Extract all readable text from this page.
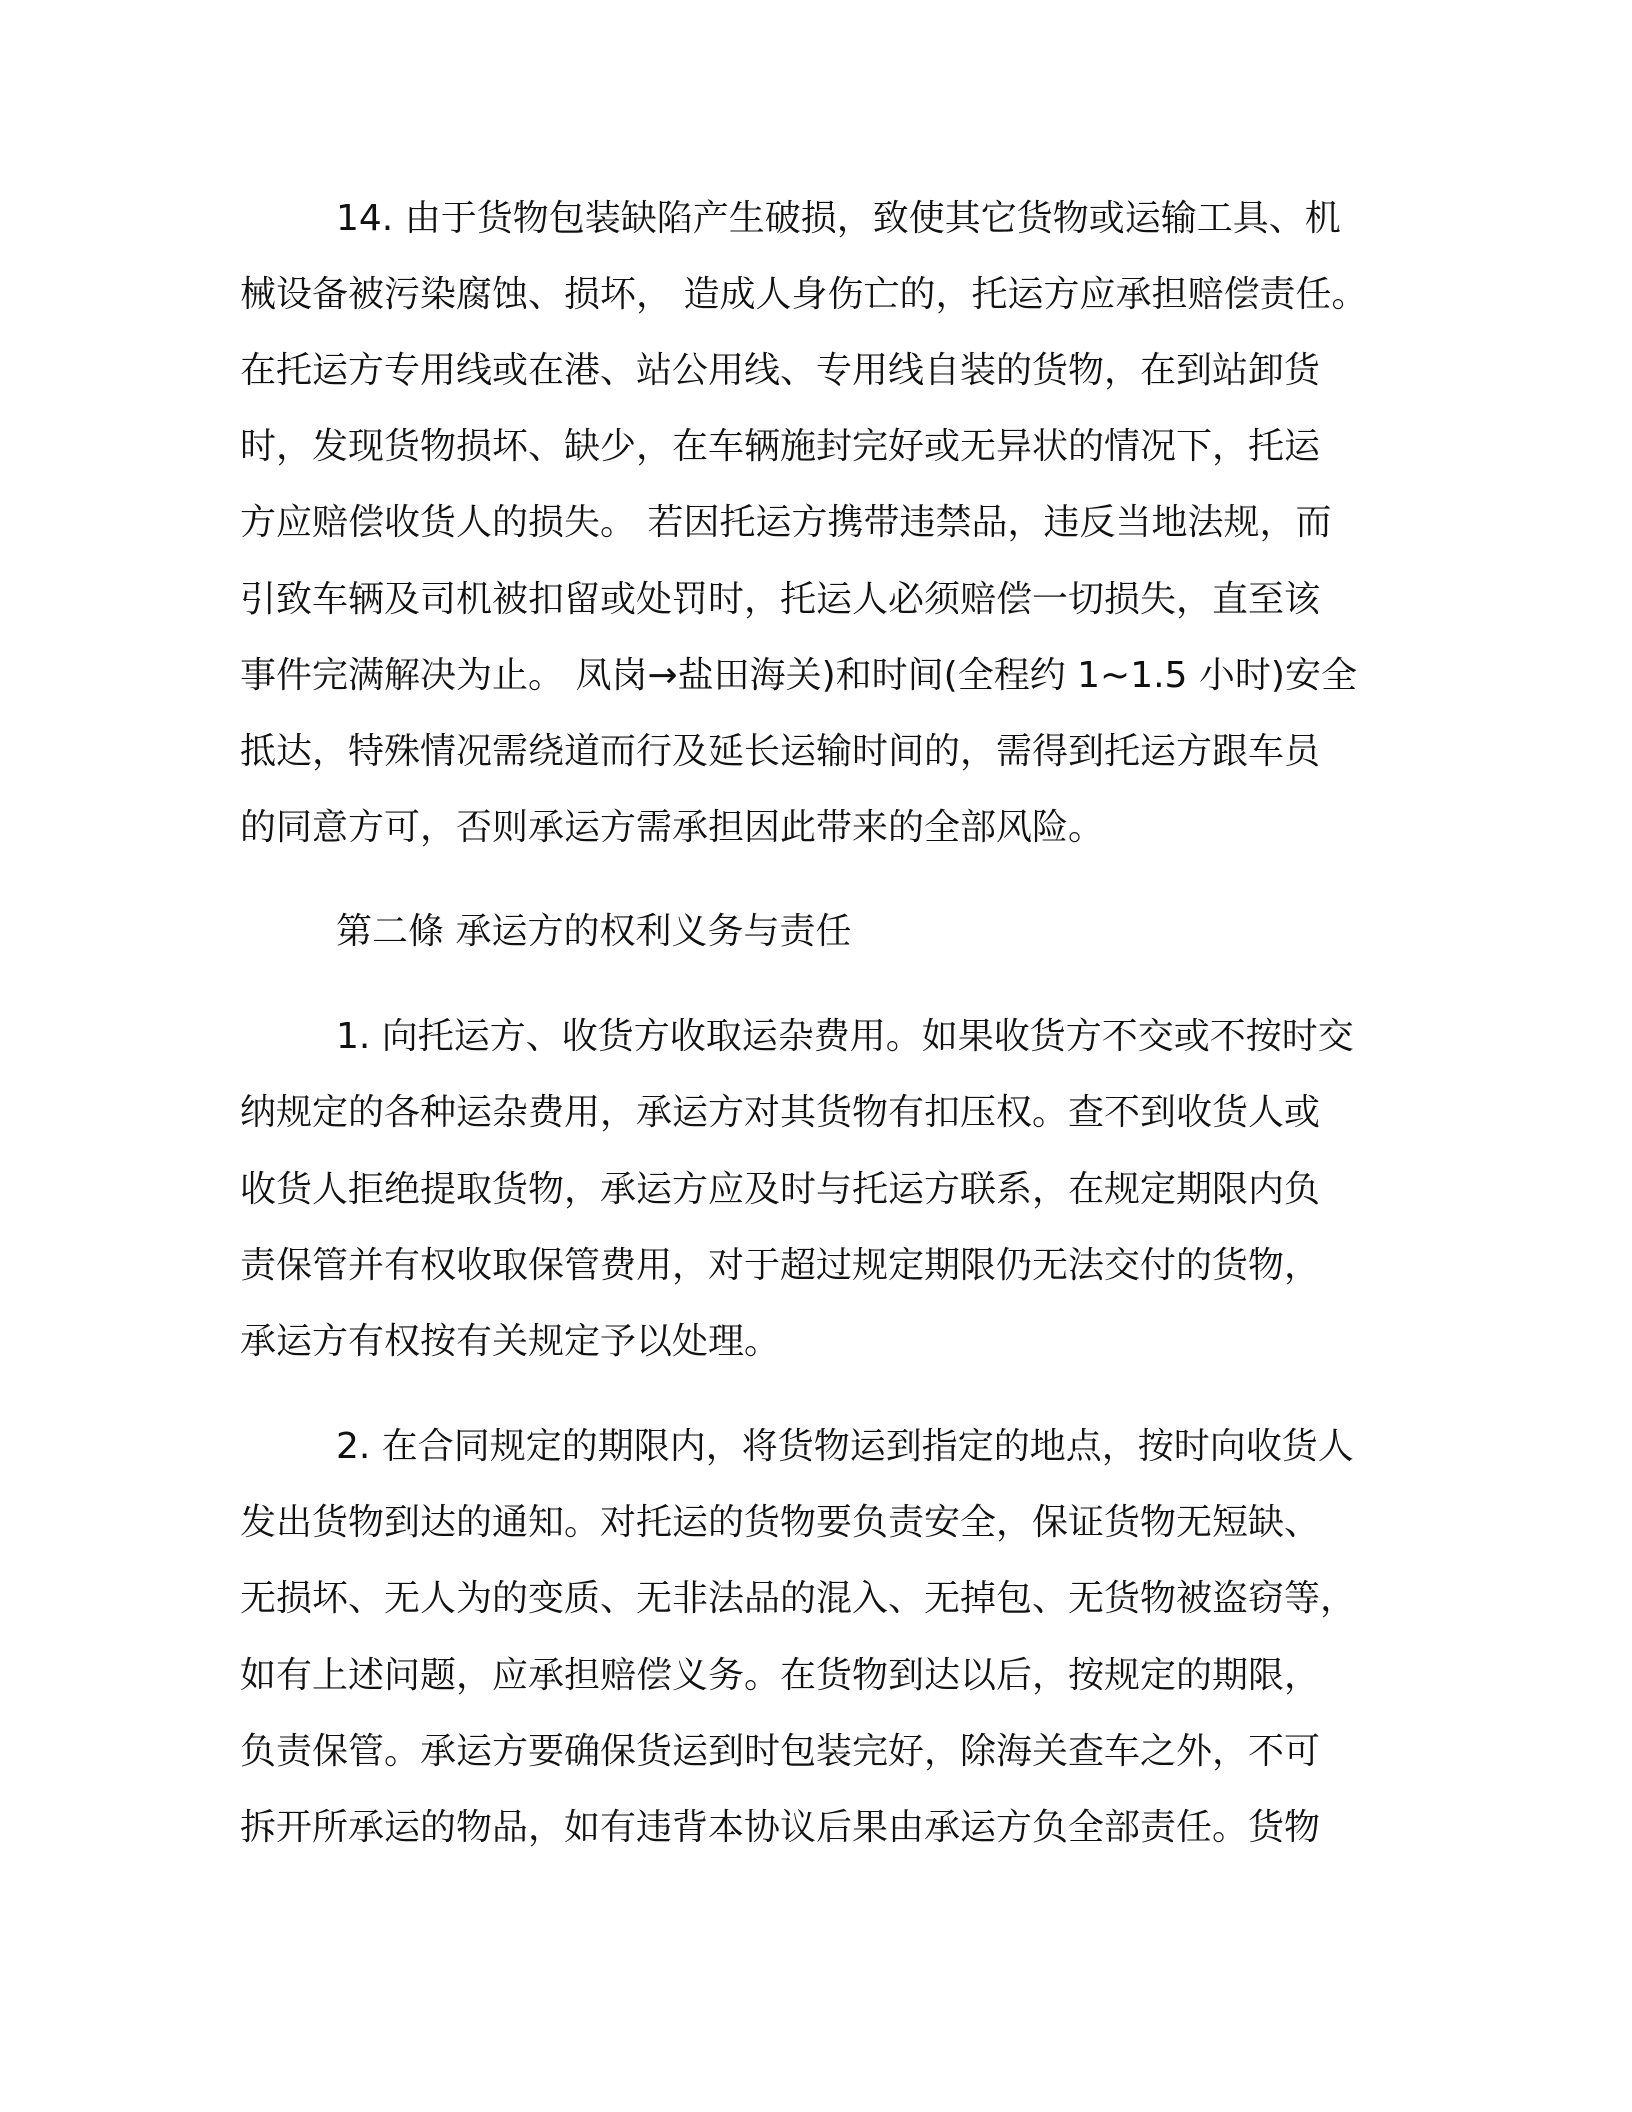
14. 由于货物包装缺陷产生破损，致使其它货物或运输工具、机
械设备被污染腐蚀、损坏， 造成人身伤亡的，托运方应承担赔偿责任。
在托运方专用线或在港、站公用线、专用线自装的货物，在到站卸货
时，发现货物损坏、缺少，在车辆施封完好或无异状的情况下，托运
方应赔偿收货人的损失。 若因托运方携带违禁品，违反当地法规，而
引致车辆及司机被扣留或处罚时，托运人必须赔偿一切损失，直至该
事件完满解决为止。 凤岗→盐田海关)和时间(全程约 1~1.5 小时)安全
抵达，特殊情况需绕道而行及延长运输时间的，需得到托运方跟车员
的同意方可，否则承运方需承担因此带来的全部风险。
第二條 承运方的权利义务与责任
1. 向托运方、收货方收取运杂费用。如果收货方不交或不按时交
纳规定的各种运杂费用，承运方对其货物有扣压权。查不到收货人或
收货人拒绝提取货物，承运方应及时与托运方联系，在规定期限内负
责保管并有权收取保管费用，对于超过规定期限仍无法交付的货物，
承运方有权按有关规定予以处理。
2. 在合同规定的期限内，将货物运到指定的地点，按时向收货人
发出货物到达的通知。对托运的货物要负责安全，保证货物无短缺、
无损坏、无人为的变质、无非法品的混入、无掉包、无货物被盗窃等，
如有上述问题，应承担赔偿义务。在货物到达以后，按规定的期限，
负责保管。承运方要确保货运到时包装完好，除海关查车之外，不可
拆开所承运的物品，如有违背本协议后果由承运方负全部责任。货物
